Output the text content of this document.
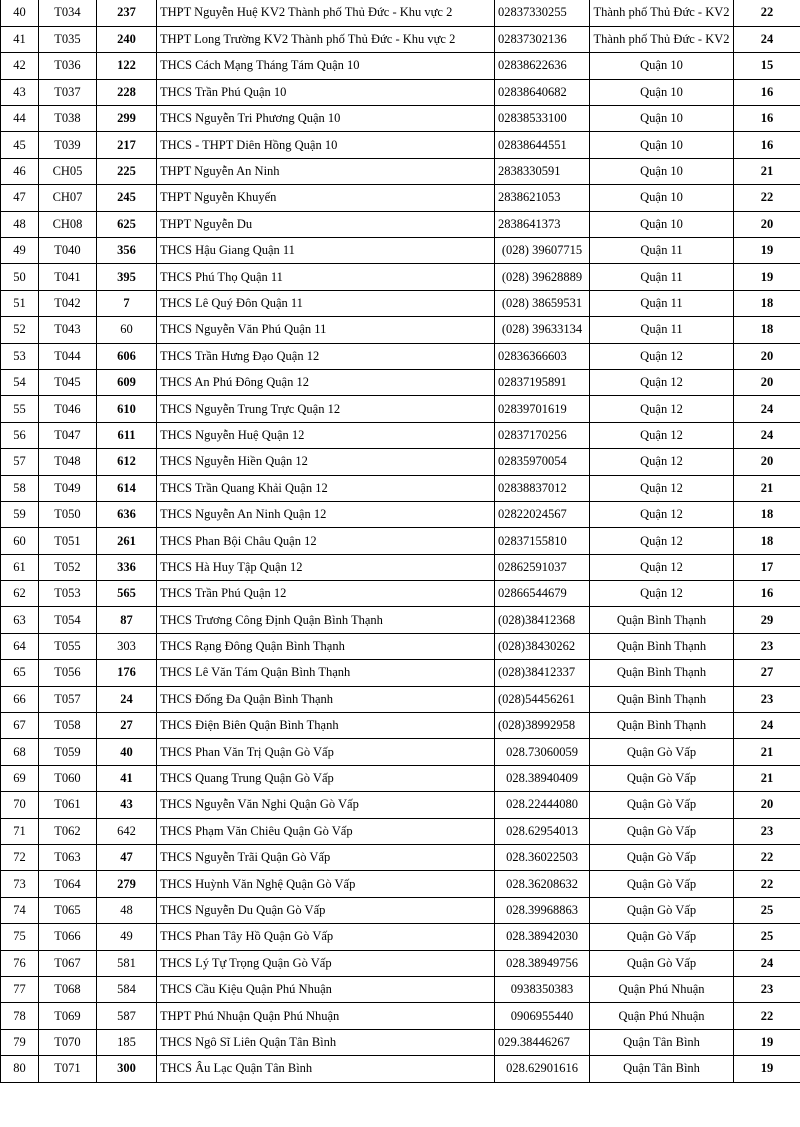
40	T034	237	THPT Nguyễn Huệ KV2 Thành phố Thủ Đức - Khu vực 2	02837330255	Thành phố Thủ Đức - KV2	22
41	T035	240	THPT Long Trường KV2 Thành phố Thủ Đức - Khu vực 2	02837302136	Thành phố Thủ Đức - KV2	24
42	T036	122	THCS Cách Mạng Tháng Tám Quận 10	02838622636	Quận 10	15
43	T037	228	THCS Trần Phú Quận 10	02838640682	Quận 10	16
44	T038	299	THCS Nguyễn Tri Phương Quận 10	02838533100	Quận 10	16
45	T039	217	THCS - THPT Diên Hồng Quận 10	02838644551	Quận 10	16
46	CH05	225	THPT Nguyễn An Ninh	2838330591	Quận 10	21
47	CH07	245	THPT Nguyễn Khuyến	2838621053	Quận 10	22
48	CH08	625	THPT Nguyễn Du	2838641373	Quận 10	20
49	T040	356	THCS Hậu Giang Quận 11	(028) 39607715	Quận 11	19
50	T041	395	THCS Phú Thọ Quận 11	(028) 39628889	Quận 11	19
51	T042	7	THCS Lê Quý Đôn Quận 11	(028) 38659531	Quận 11	18
52	T043	60	THCS Nguyễn Văn Phú Quận 11	(028) 39633134	Quận 11	18
53	T044	606	THCS Trần Hưng Đạo Quận 12	02836366603	Quận 12	20
54	T045	609	THCS An Phú Đông Quận 12	02837195891	Quận 12	20
55	T046	610	THCS Nguyễn Trung Trực Quận 12	02839701619	Quận 12	24
56	T047	611	THCS Nguyễn Huệ Quận 12	02837170256	Quận 12	24
57	T048	612	THCS Nguyễn Hiền Quận 12	02835970054	Quận 12	20
58	T049	614	THCS Trần Quang Khải Quận 12	02838837012	Quận 12	21
59	T050	636	THCS Nguyễn An Ninh Quận 12	02822024567	Quận 12	18
60	T051	261	THCS Phan Bội Châu Quận 12	02837155810	Quận 12	18
61	T052	336	THCS Hà Huy Tập Quận 12	02862591037	Quận 12	17
62	T053	565	THCS Trần Phú Quận 12	02866544679	Quận 12	16
63	T054	87	THCS Trương Công Định Quận Bình Thạnh	(028)38412368	Quận Bình Thạnh	29
64	T055	303	THCS Rạng Đông Quận Bình Thạnh	(028)38430262	Quận Bình Thạnh	23
65	T056	176	THCS Lê Văn Tám Quận Bình Thạnh	(028)38412337	Quận Bình Thạnh	27
66	T057	24	THCS Đống Đa Quận Bình Thạnh	(028)54456261	Quận Bình Thạnh	23
67	T058	27	THCS Điện Biên Quận Bình Thạnh	(028)38992958	Quận Bình Thạnh	24
68	T059	40	THCS Phan Văn Trị Quận Gò Vấp	028.73060059	Quận Gò Vấp	21
69	T060	41	THCS Quang Trung Quận Gò Vấp	028.38940409	Quận Gò Vấp	21
70	T061	43	THCS Nguyễn Văn Nghi Quận Gò Vấp	028.22444080	Quận Gò Vấp	20
71	T062	642	THCS Phạm Văn Chiêu Quận Gò Vấp	028.62954013	Quận Gò Vấp	23
72	T063	47	THCS Nguyễn Trãi Quận Gò Vấp	028.36022503	Quận Gò Vấp	22
73	T064	279	THCS Huỳnh Văn Nghệ Quận Gò Vấp	028.36208632	Quận Gò Vấp	22
74	T065	48	THCS Nguyễn Du Quận Gò Vấp	028.39968863	Quận Gò Vấp	25
75	T066	49	THCS Phan Tây Hồ Quận Gò Vấp	028.38942030	Quận Gò Vấp	25
76	T067	581	THCS Lý Tự Trọng Quận Gò Vấp	028.38949756	Quận Gò Vấp	24
77	T068	584	THCS Cầu Kiệu Quận Phú Nhuận	0938350383	Quận Phú Nhuận	23
78	T069	587	THPT Phú Nhuận Quận Phú Nhuận	0906955440	Quận Phú Nhuận	22
79	T070	185	THCS Ngô Sĩ Liên Quận Tân Bình	029.38446267	Quận Tân Bình	19
80	T071	300	THCS Âu Lạc Quận Tân Bình	028.62901616	Quận Tân Bình	19
